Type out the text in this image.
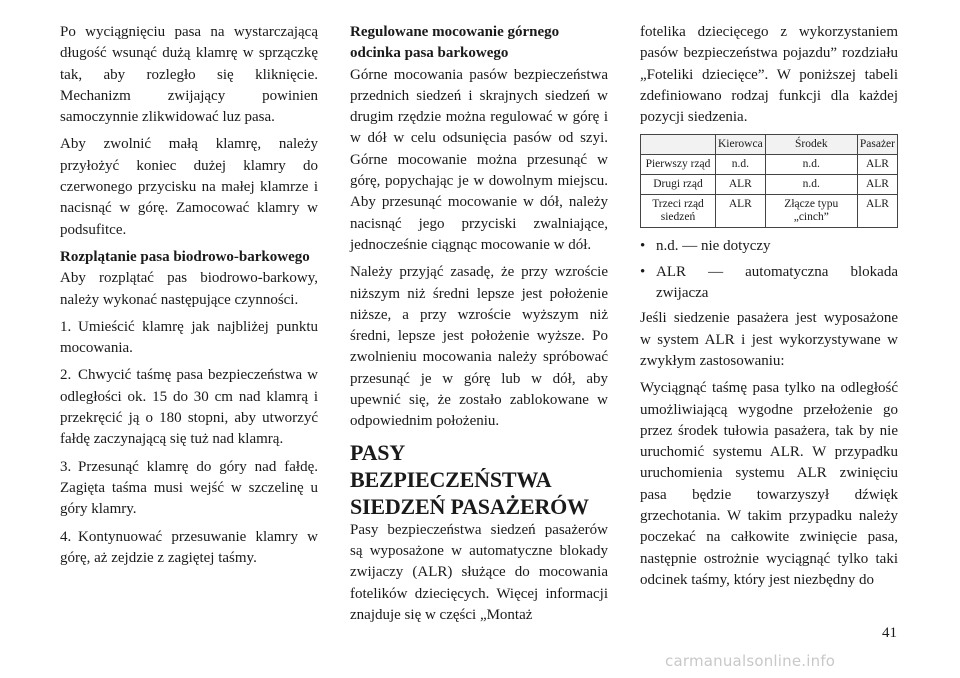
Po wyciągnięciu pasa na wystarczającą długość wsunąć dużą klamrę w sprzączkę tak, aby rozległo się kliknięcie. Mechanizm zwijający powinien samoczynnie zlikwidować luz pasa.

Aby zwolnić małą klamrę, należy przyłożyć koniec dużej klamry do czerwonego przycisku na małej klamrze i nacisnąć w górę. Zamocować klamry w podsufitce.

Rozplątanie pasa biodrowo-barkowego

Aby rozplątać pas biodrowo-barkowy, należy wykonać następujące czynności.

1. Umieścić klamrę jak najbliżej punktu mocowania.
2. Chwycić taśmę pasa bezpieczeństwa w odległości ok. 15 do 30 cm nad klamrą i przekręcić ją o 180 stopni, aby utworzyć fałdę zaczynającą się tuż nad klamrą.
3. Przesunąć klamrę do góry nad fałdę. Zagięta taśma musi wejść w szczelinę u góry klamry.
4. Kontynuować przesuwanie klamry w górę, aż zejdzie z zagiętej taśmy.
Regulowane mocowanie górnego odcinka pasa barkowego

Górne mocowania pasów bezpieczeństwa przednich siedzeń i skrajnych siedzeń w drugim rzędzie można regulować w górę i w dół w celu odsunięcia pasów od szyi. Górne mocowanie można przesunąć w górę, popychając je w dowolnym miejscu. Aby przesunąć mocowanie w dół, należy nacisnąć jego przyciski zwalniające, jednocześnie ciągnąc mocowanie w dół.

Należy przyjąć zasadę, że przy wzroście niższym niż średni lepsze jest położenie niższe, a przy wzroście wyższym niż średni, lepsze jest położenie wyższe. Po zwolnieniu mocowania należy spróbować przesunąć je w górę lub w dół, aby upewnić się, że zostało zablokowane w odpowiednim położeniu.

PASY BEZPIECZEŃSTWA SIEDZEŃ PASAŻERÓW

Pasy bezpieczeństwa siedzeń pasażerów są wyposażone w automatyczne blokady zwijaczy (ALR) służące do mocowania fotelików dziecięcych. Więcej informacji znajduje się w części „Montaż

fotelika dziecięcego z wykorzystaniem pasów bezpieczeństwa pojazdu” rozdziału „Foteliki dziecięce”. W poniższej tabeli zdefiniowano rodzaj funkcji dla każdej pozycji siedzenia.

	Kierowca	Środek	Pasażer
Pierwszy rząd	n.d.	n.d.	ALR
Drugi rząd	ALR	n.d.	ALR
Trzeci rząd siedzeń	ALR	Złącze typu „cinch”	ALR
• n.d. — nie dotyczy
• ALR — automatyczna blokada zwijacza

Jeśli siedzenie pasażera jest wyposażone w system ALR i jest wykorzystywane w zwykłym zastosowaniu:

Wyciągnąć taśmę pasa tylko na odległość umożliwiającą wygodne przełożenie go przez środek tułowia pasażera, tak by nie uruchomić systemu ALR. W przypadku uruchomienia systemu ALR zwinięciu pasa będzie towarzyszył dźwięk grzechotania. W takim przypadku należy poczekać na całkowite zwinięcie pasa, następnie ostrożnie wyciągnąć tylko taki odcinek taśmy, który jest niezbędny do

41
carmanualsonline.info
